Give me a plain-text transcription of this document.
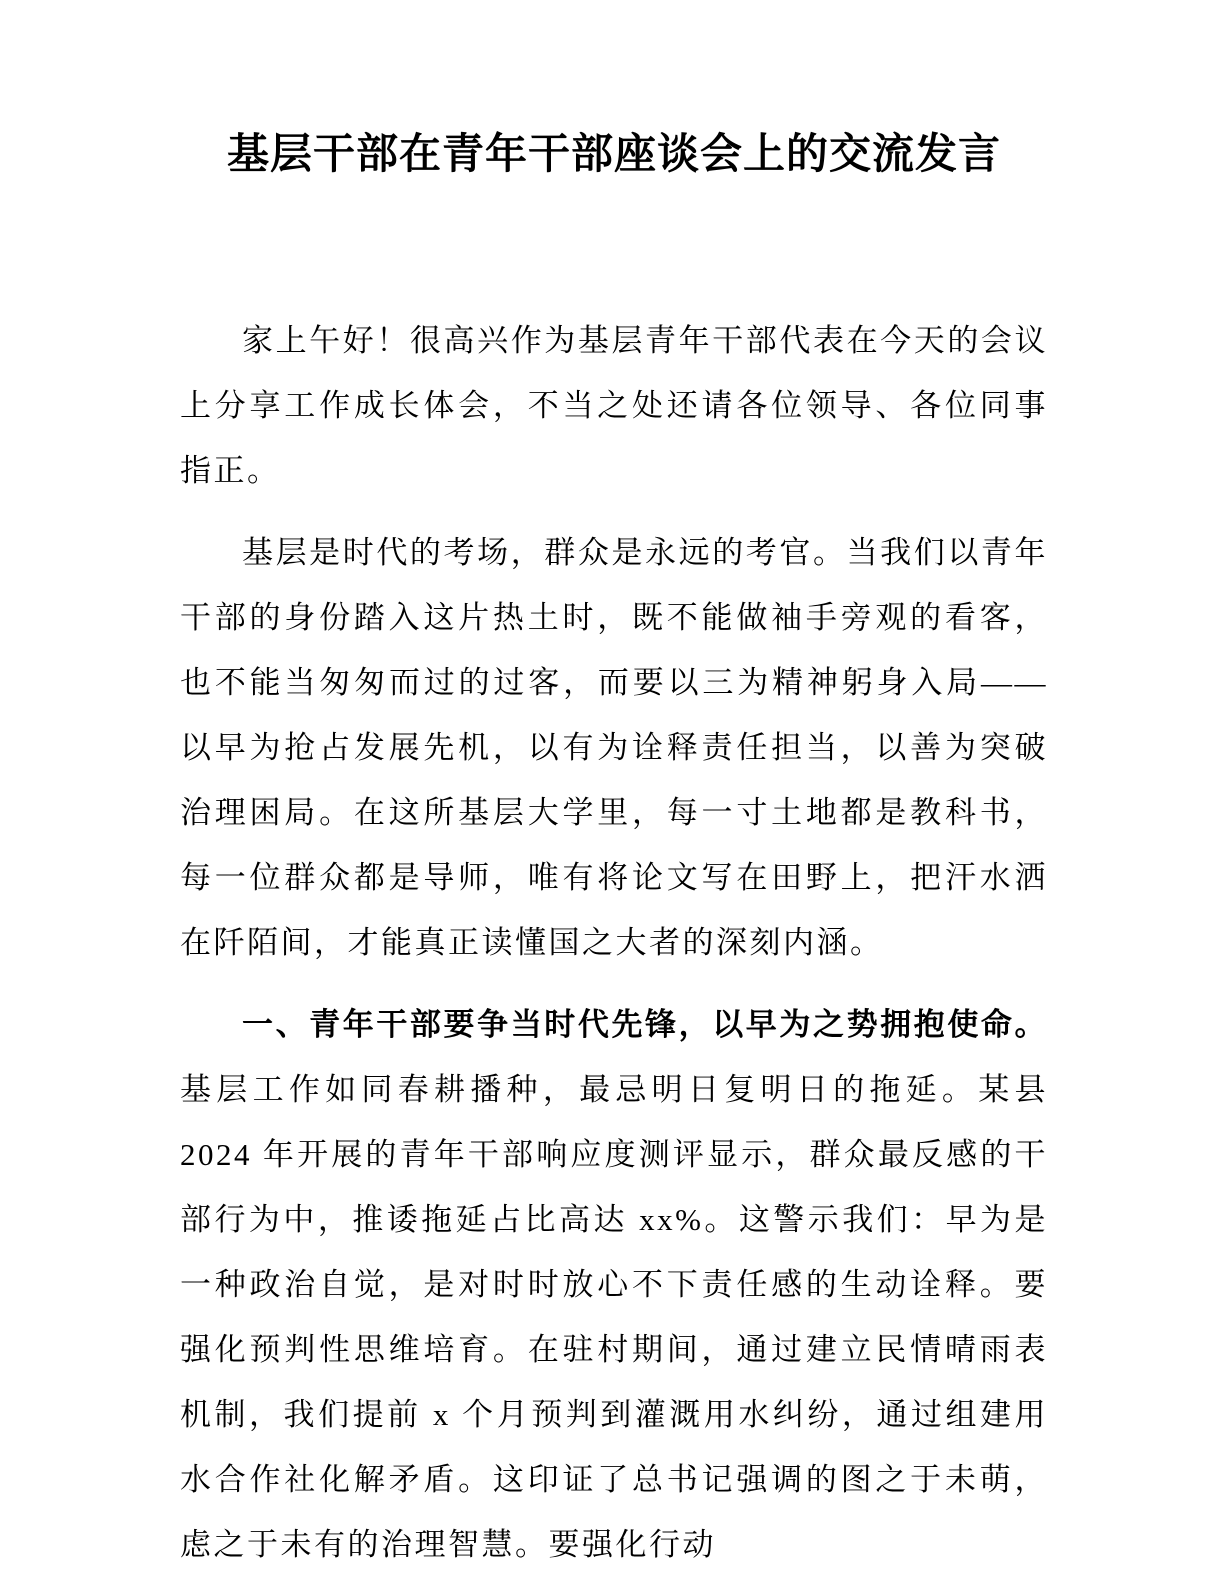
基层干部在青年干部座谈会上的交流发言

家上午好！很高兴作为基层青年干部代表在今天的会议上分享工作成长体会，不当之处还请各位领导、各位同事指正。

基层是时代的考场，群众是永远的考官。当我们以青年干部的身份踏入这片热土时，既不能做袖手旁观的看客，也不能当匆匆而过的过客，而要以三为精神躬身入局——以早为抢占发展先机，以有为诠释责任担当，以善为突破治理困局。在这所基层大学里，每一寸土地都是教科书，每一位群众都是导师，唯有将论文写在田野上，把汗水洒在阡陌间，才能真正读懂国之大者的深刻内涵。

一、青年干部要争当时代先锋，以早为之势拥抱使命。基层工作如同春耕播种，最忌明日复明日的拖延。某县 2024 年开展的青年干部响应度测评显示，群众最反感的干部行为中，推诿拖延占比高达 xx%。这警示我们：早为是一种政治自觉，是对时时放心不下责任感的生动诠释。要强化预判性思维培育。在驻村期间，通过建立民情晴雨表机制，我们提前 x 个月预判到灌溉用水纠纷，通过组建用水合作社化解矛盾。这印证了总书记强调的图之于未萌，虑之于未有的治理智慧。要强化行动
